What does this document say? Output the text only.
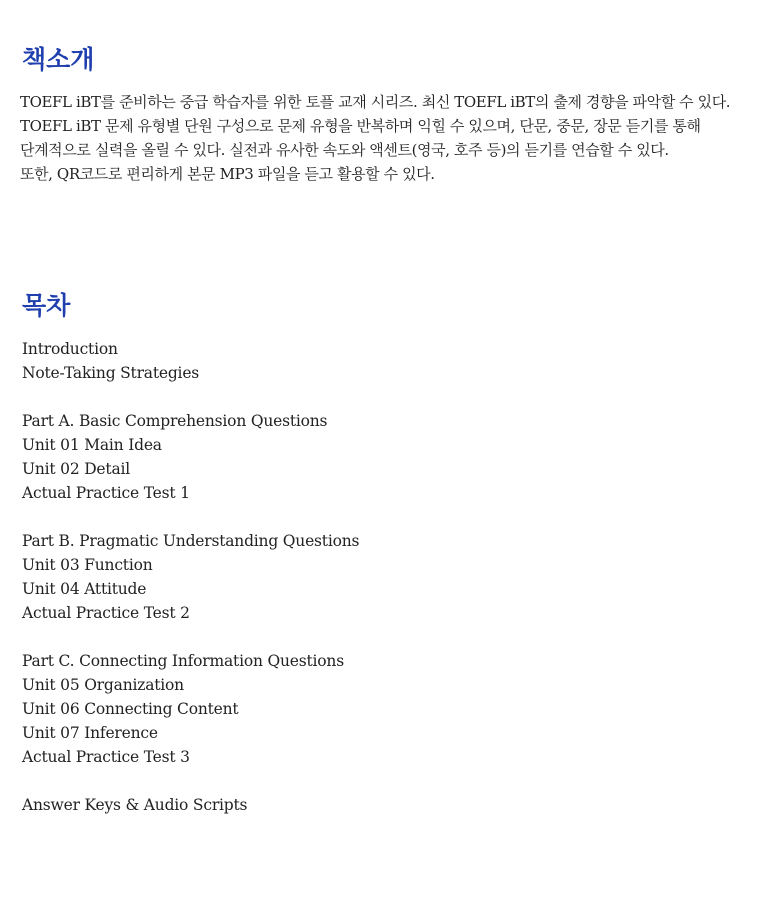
책소개
TOEFL iBT를 준비하는 중급 학습자를 위한 토플 교재 시리즈. 최신 TOEFL iBT의 출제 경향을 파악할 수 있다.
TOEFL iBT 문제 유형별 단원 구성으로 문제 유형을 반복하며 익힐 수 있으며, 단문, 중문, 장문 듣기를 통해
단계적으로 실력을 올릴 수 있다. 실전과 유사한 속도와 액센트(영국, 호주 등)의 듣기를 연습할 수 있다.
또한, QR코드로 편리하게 본문 MP3 파일을 듣고 활용할 수 있다.
목차
Introduction
Note-Taking Strategies
Part A. Basic Comprehension Questions
Unit 01 Main Idea
Unit 02 Detail
Actual Practice Test 1
Part B. Pragmatic Understanding Questions
Unit 03 Function
Unit 04 Attitude
Actual Practice Test 2
Part C. Connecting Information Questions
Unit 05 Organization
Unit 06 Connecting Content
Unit 07 Inference
Actual Practice Test 3
Answer Keys & Audio Scripts
